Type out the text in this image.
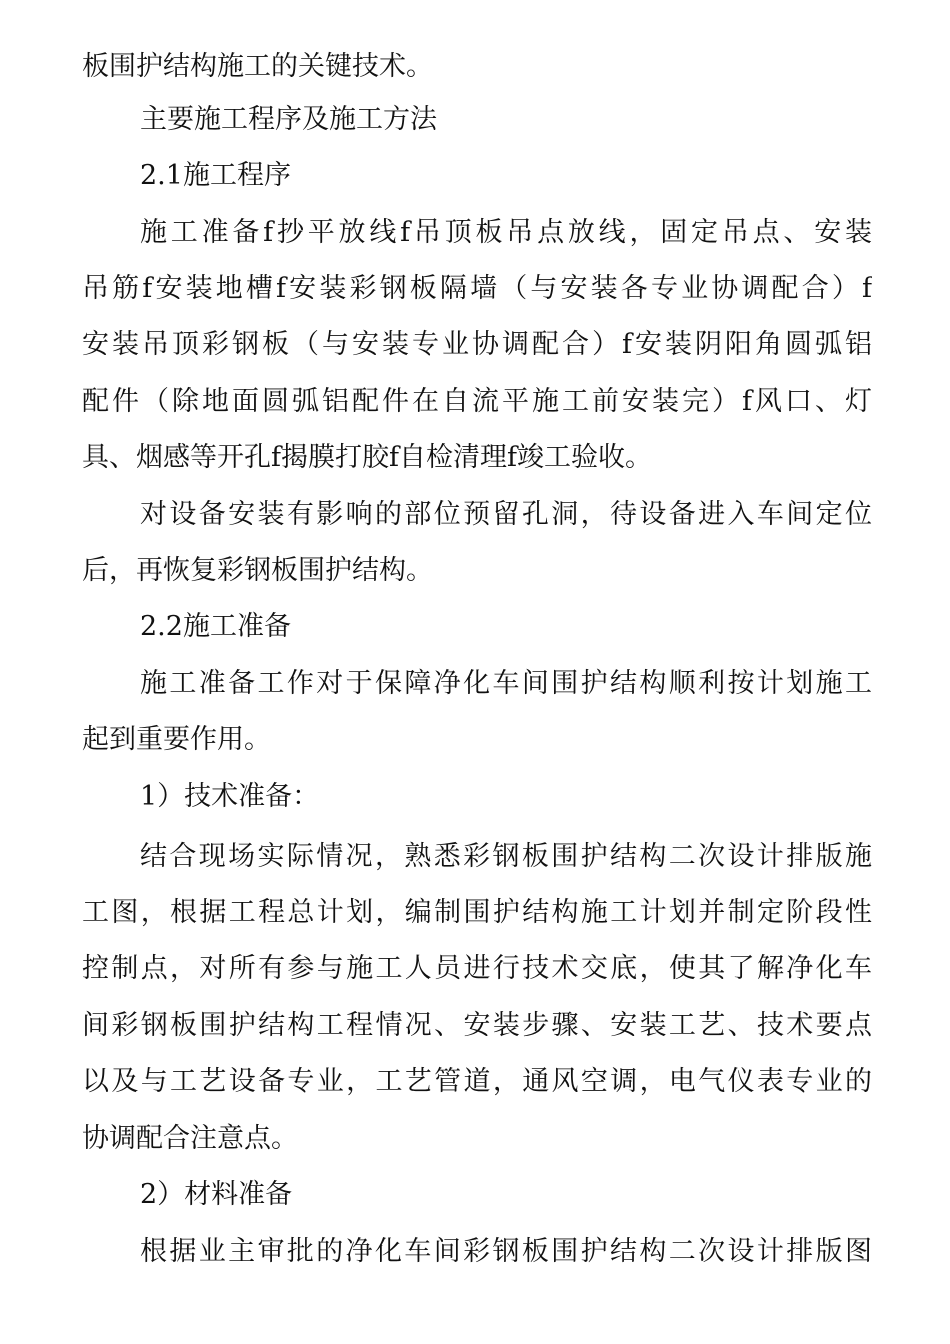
板围护结构施工的关键技术。
主要施工程序及施工方法
2.1施工程序
施工准备f抄平放线f吊顶板吊点放线，固定吊点、安装
吊筋f安装地槽f安装彩钢板隔墙（与安装各专业协调配合）f
安装吊顶彩钢板（与安装专业协调配合）f安装阴阳角圆弧铝
配件（除地面圆弧铝配件在自流平施工前安装完）f风口、灯
具、烟感等开孔f揭膜打胶f自检清理f竣工验收。
对设备安装有影响的部位预留孔洞，待设备进入车间定位
后，再恢复彩钢板围护结构。
2.2施工准备
施工准备工作对于保障净化车间围护结构顺利按计划施工
起到重要作用。
1）技术准备：
结合现场实际情况，熟悉彩钢板围护结构二次设计排版施
工图，根据工程总计划，编制围护结构施工计划并制定阶段性
控制点，对所有参与施工人员进行技术交底，使其了解净化车
间彩钢板围护结构工程情况、安装步骤、安装工艺、技术要点
以及与工艺设备专业，工艺管道，通风空调，电气仪表专业的
协调配合注意点。
2）材料准备
根据业主审批的净化车间彩钢板围护结构二次设计排版图
